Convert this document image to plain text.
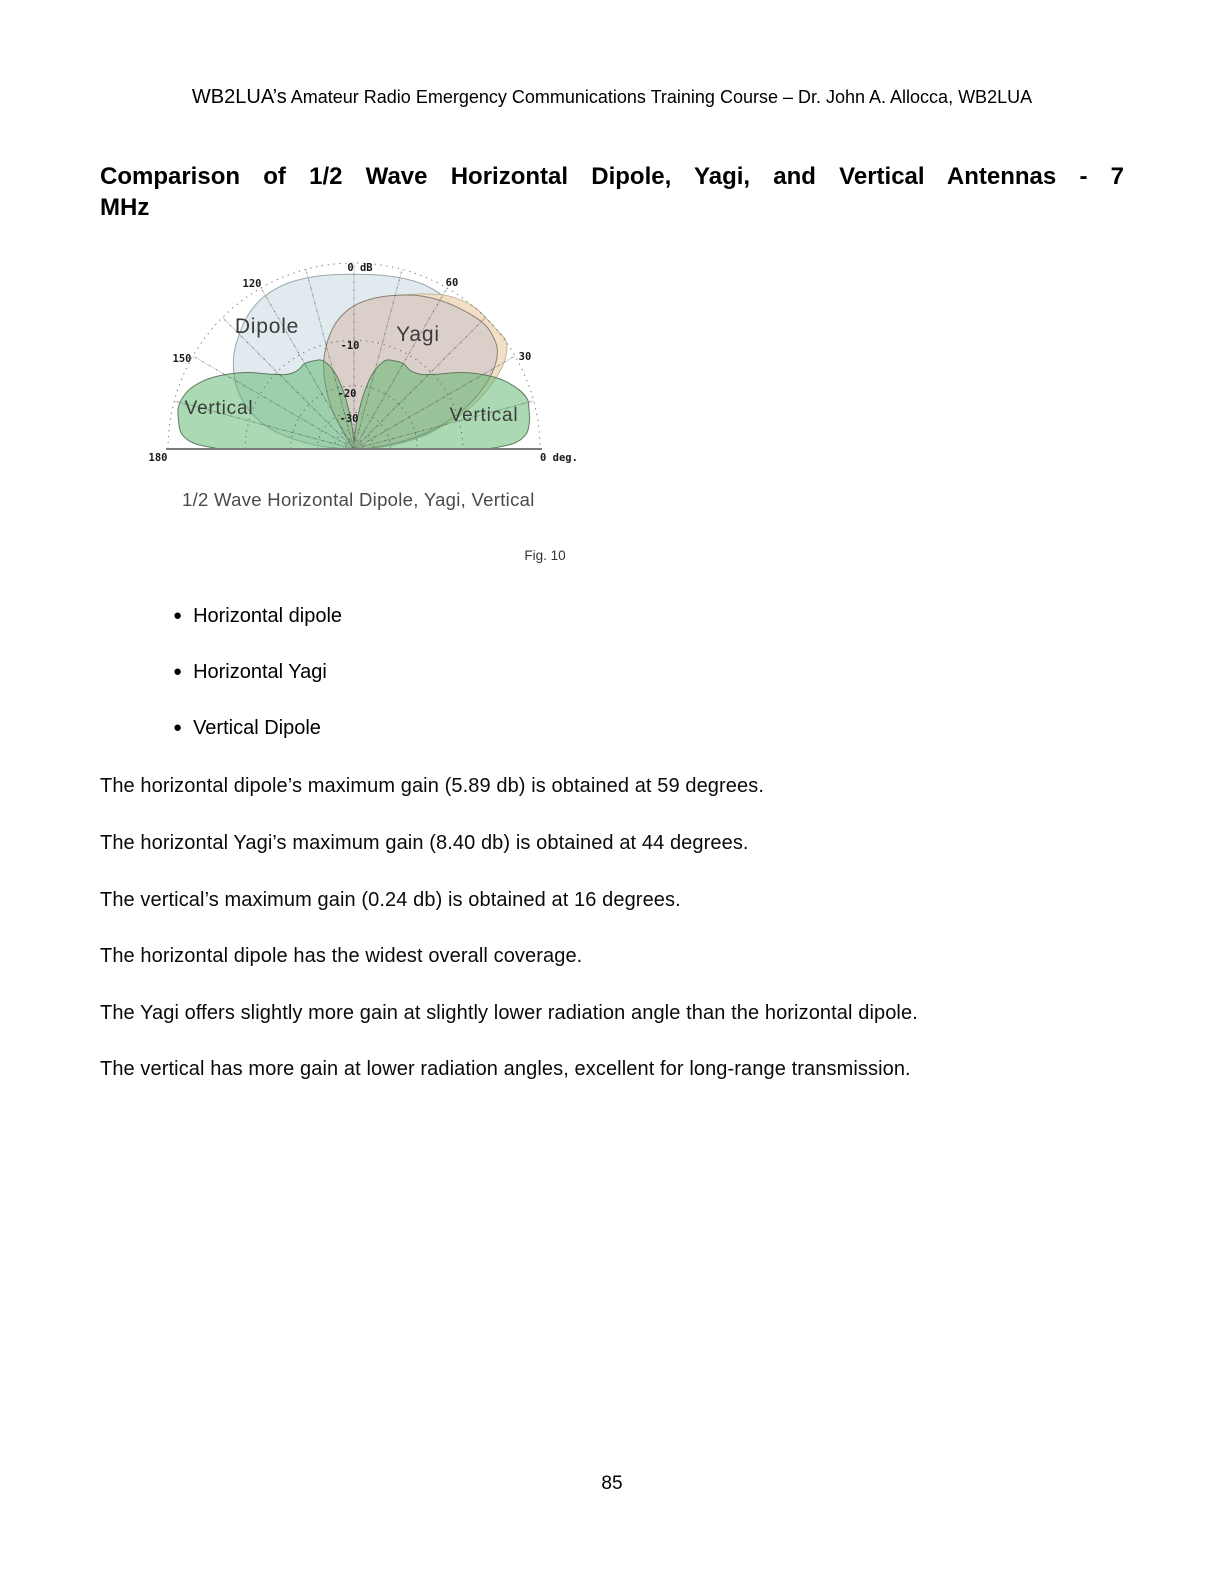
WB2LUA’s Amateur Radio Emergency Communications Training Course – Dr. John A. Allocca, WB2LUA
Comparison of 1/2 Wave Horizontal Dipole, Yagi, and Vertical Antennas - 7
MHz
0 dB
120	60
150	30
180	0 deg.
-10
-20
-30
Dipole	Yagi
Vertical	Vertical
1/2 Wave Horizontal Dipole, Yagi, Vertical
Fig. 10
● Horizontal dipole
● Horizontal Yagi
● Vertical Dipole

The horizontal dipole’s maximum gain (5.89 db) is obtained at 59 degrees.

The horizontal Yagi’s maximum gain (8.40 db) is obtained at 44 degrees.

The vertical’s maximum gain (0.24 db) is obtained at 16 degrees.

The horizontal dipole has the widest overall coverage.

The Yagi offers slightly more gain at slightly lower radiation angle than the horizontal dipole.

The vertical has more gain at lower radiation angles, excellent for long-range transmission.

85
